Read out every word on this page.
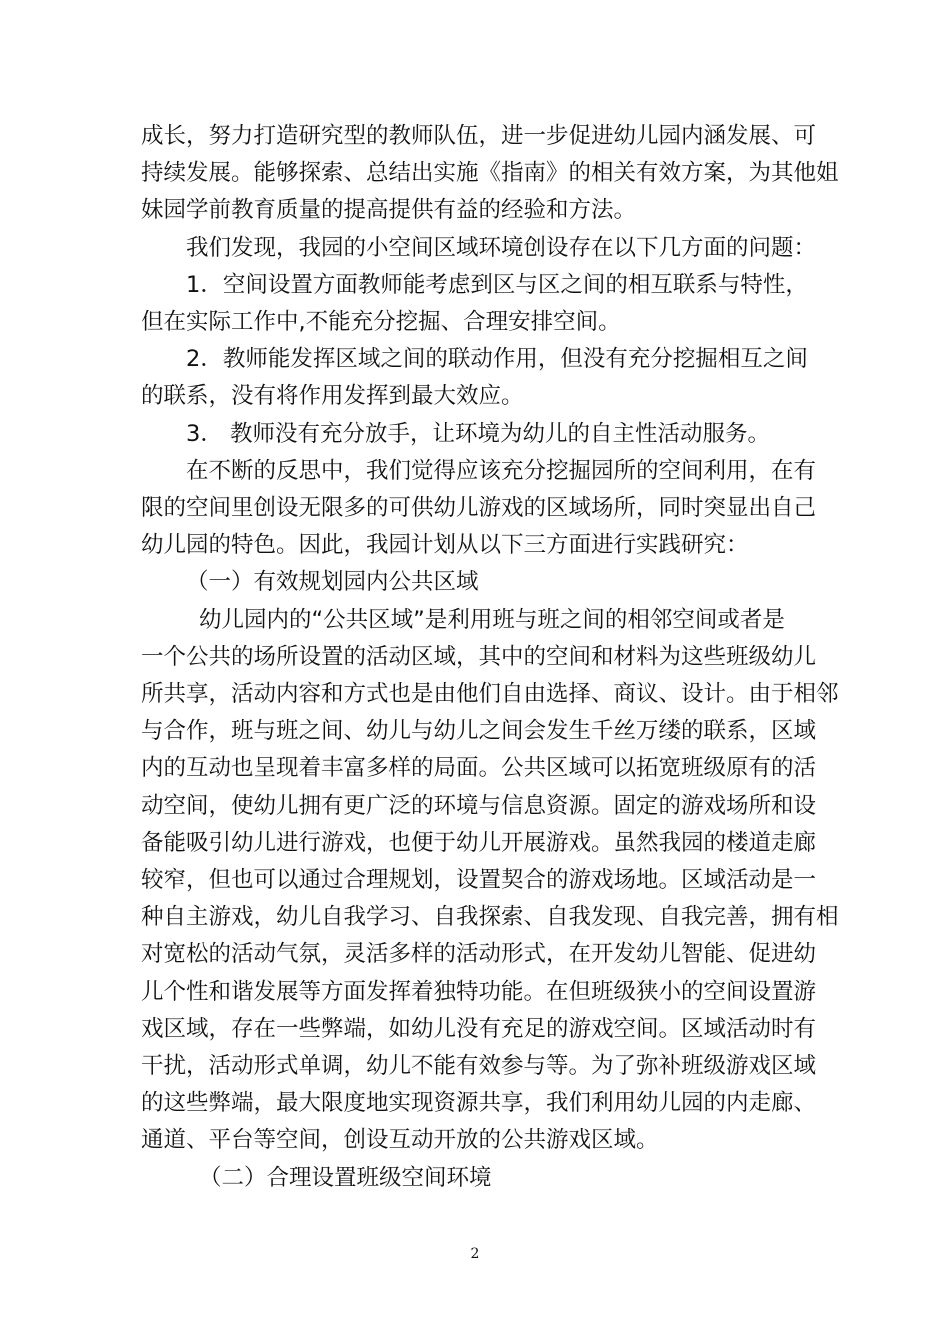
成长，努力打造研究型的教师队伍，进一步促进幼儿园内涵发展、可
持续发展。能够探索、总结出实施《指南》的相关有效方案，为其他姐
妹园学前教育质量的提高提供有益的经验和方法。
我们发现，我园的小空间区域环境创设存在以下几方面的问题：
1．空间设置方面教师能考虑到区与区之间的相互联系与特性，
但在实际工作中,不能充分挖掘、合理安排空间。
2．教师能发挥区域之间的联动作用，但没有充分挖掘相互之间
的联系，没有将作用发挥到最大效应。
3． 教师没有充分放手，让环境为幼儿的自主性活动服务。
在不断的反思中，我们觉得应该充分挖掘园所的空间利用，在有
限的空间里创设无限多的可供幼儿游戏的区域场所，同时突显出自己
幼儿园的特色。因此，我园计划从以下三方面进行实践研究：
（一）有效规划园内公共区域
幼儿园内的“公共区域”是利用班与班之间的相邻空间或者是
一个公共的场所设置的活动区域，其中的空间和材料为这些班级幼儿
所共享，活动内容和方式也是由他们自由选择、商议、设计。由于相邻
与合作，班与班之间、幼儿与幼儿之间会发生千丝万缕的联系，区域
内的互动也呈现着丰富多样的局面。公共区域可以拓宽班级原有的活
动空间，使幼儿拥有更广泛的环境与信息资源。固定的游戏场所和设
备能吸引幼儿进行游戏，也便于幼儿开展游戏。虽然我园的楼道走廊
较窄，但也可以通过合理规划，设置契合的游戏场地。区域活动是一
种自主游戏，幼儿自我学习、自我探索、自我发现、自我完善，拥有相
对宽松的活动气氛，灵活多样的活动形式，在开发幼儿智能、促进幼
儿个性和谐发展等方面发挥着独特功能。在但班级狭小的空间设置游
戏区域，存在一些弊端，如幼儿没有充足的游戏空间。区域活动时有
干扰，活动形式单调，幼儿不能有效参与等。为了弥补班级游戏区域
的这些弊端，最大限度地实现资源共享，我们利用幼儿园的内走廊、
通道、平台等空间，创设互动开放的公共游戏区域。
（二）合理设置班级空间环境
2
